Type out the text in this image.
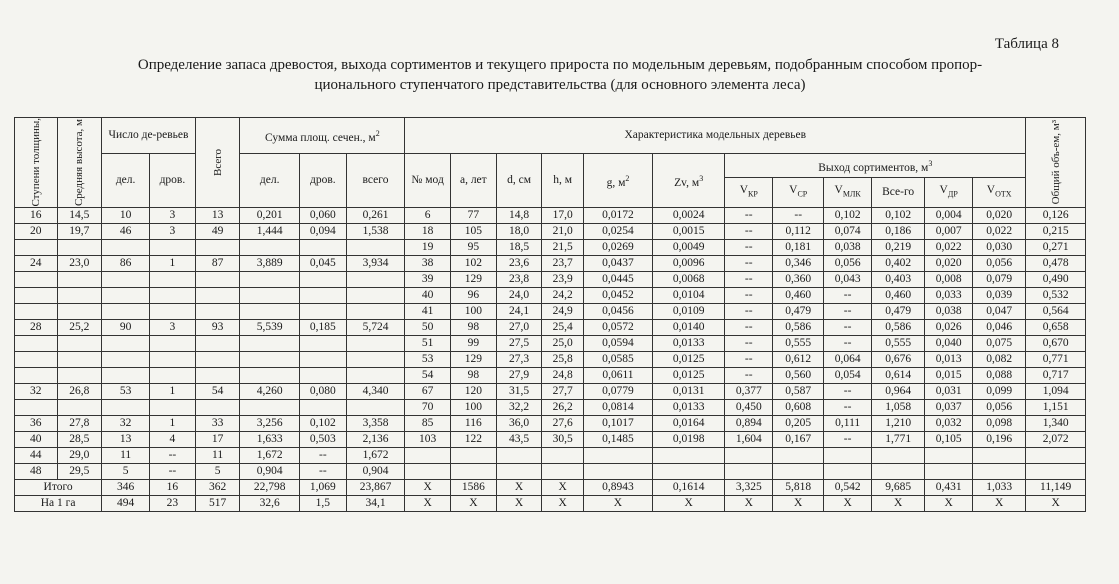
Таблица 8
Определение запаса древостоя, выхода сортиментов и текущего прироста по модельным деревьям, подобранным способом пропор-
ционального ступенчатого представительства (для основного элемента леса)
Ступени толщины,	Средняя высота, м	Число де-ревьев		Всего	Сумма площ. сечен., $м^2$			Характеристика модельных деревьев												Общий объ-ем, м³

		дел.	дров.		дел.	дров.	всего	№ мод	а, лет	d, см	h, м	g, $м^2$	Zv, $м^3$	Выход сортиментов, $м^3$
														$V_{КР}$	$V_{СР}$	$V_{МЛК}$	Все-го	$V_{ДР}$	$V_{ОТХ}$
16	14,5	10	3	13	0,201	0,060	0,261	6	77	14,8	17,0	0,0172	0,0024	--	--	0,102	0,102	0,004	0,020	0,126
20	19,7	46	3	49	1,444	0,094	1,538	18	105	18,0	21,0	0,0254	0,0015	--	0,112	0,074	0,186	0,007	0,022	0,215
								19	95	18,5	21,5	0,0269	0,0049	--	0,181	0,038	0,219	0,022	0,030	0,271
24	23,0	86	1	87	3,889	0,045	3,934	38	102	23,6	23,7	0,0437	0,0096	--	0,346	0,056	0,402	0,020	0,056	0,478
								39	129	23,8	23,9	0,0445	0,0068	--	0,360	0,043	0,403	0,008	0,079	0,490
								40	96	24,0	24,2	0,0452	0,0104	--	0,460	--	0,460	0,033	0,039	0,532
								41	100	24,1	24,9	0,0456	0,0109	--	0,479	--	0,479	0,038	0,047	0,564
28	25,2	90	3	93	5,539	0,185	5,724	50	98	27,0	25,4	0,0572	0,0140	--	0,586	--	0,586	0,026	0,046	0,658
								51	99	27,5	25,0	0,0594	0,0133	--	0,555	--	0,555	0,040	0,075	0,670
								53	129	27,3	25,8	0,0585	0,0125	--	0,612	0,064	0,676	0,013	0,082	0,771
								54	98	27,9	24,8	0,0611	0,0125	--	0,560	0,054	0,614	0,015	0,088	0,717
32	26,8	53	1	54	4,260	0,080	4,340	67	120	31,5	27,7	0,0779	0,0131	0,377	0,587	--	0,964	0,031	0,099	1,094
								70	100	32,2	26,2	0,0814	0,0133	0,450	0,608	--	1,058	0,037	0,056	1,151
36	27,8	32	1	33	3,256	0,102	3,358	85	116	36,0	27,6	0,1017	0,0164	0,894	0,205	0,111	1,210	0,032	0,098	1,340
40	28,5	13	4	17	1,633	0,503	2,136	103	122	43,5	30,5	0,1485	0,0198	1,604	0,167	--	1,771	0,105	0,196	2,072
44	29,0	11	--	11	1,672	--	1,672													
48	29,5	5	--	5	0,904	--	0,904													
Итого		346	16	362	22,798	1,069	23,867	X	1586	X	X	0,8943	0,1614	3,325	5,818	0,542	9,685	0,431	1,033	11,149
На 1 га		494	23	517	32,6	1,5	34,1	X	X	X	X	X	X	X	X	X	X	X	X	X
